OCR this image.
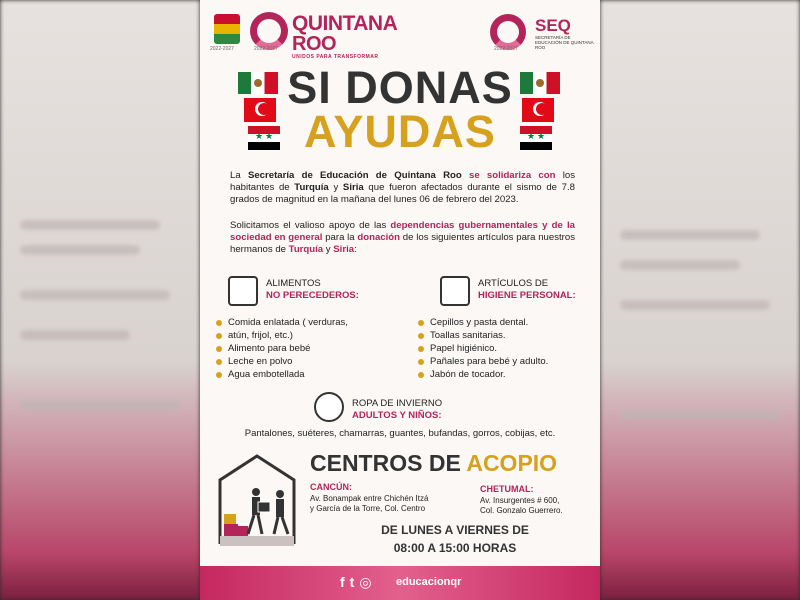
2022-2027
QUINTANA
ROO
UNIDOS PARA TRANSFORMAR
2022-2027
SEQ
SECRETARÍA DE EDUCACIÓN DE QUINTANA ROO
2022-2027
★ ★	★ ★
SI DONAS
AYUDAS
La Secretaría de Educación de Quintana Roo se solidariza con los habitantes de Turquía y Siria que fueron afectados durante el sismo de 7.8 grados de magnitud en la mañana del lunes 06 de febrero del 2023.
Solicitamos el valioso apoyo de las dependencias gubernamentales y de la sociedad en general para la donación de los siguientes artículos para nuestros hermanos de Turquía y Siria:
ALIMENTOS
NO PERECEDEROS:
Comida enlatada ( verduras,
atún, frijol, etc.)
Alimento para bebé
Leche en polvo
Agua embotellada
ARTÍCULOS DE
HIGIENE PERSONAL:
Cepillos y pasta dental.
Toallas sanitarias.
Papel higiénico.
Pañales para bebé y adulto.
Jabón de tocador.
ROPA DE INVIERNO
ADULTOS Y NIÑOS:
Pantalones, suéteres, chamarras, guantes, bufandas, gorros, cobijas, etc.
CENTROS DE ACOPIO
CANCÚN:
Av. Bonampak entre Chichén Itzá
y García de la Torre, Col. Centro
CHETUMAL:
Av. Insurgentes # 600,
Col. Gonzalo Guerrero.
DE LUNES A VIERNES DE
08:00 A 15:00 HORAS
f t ◎	educacionqr
